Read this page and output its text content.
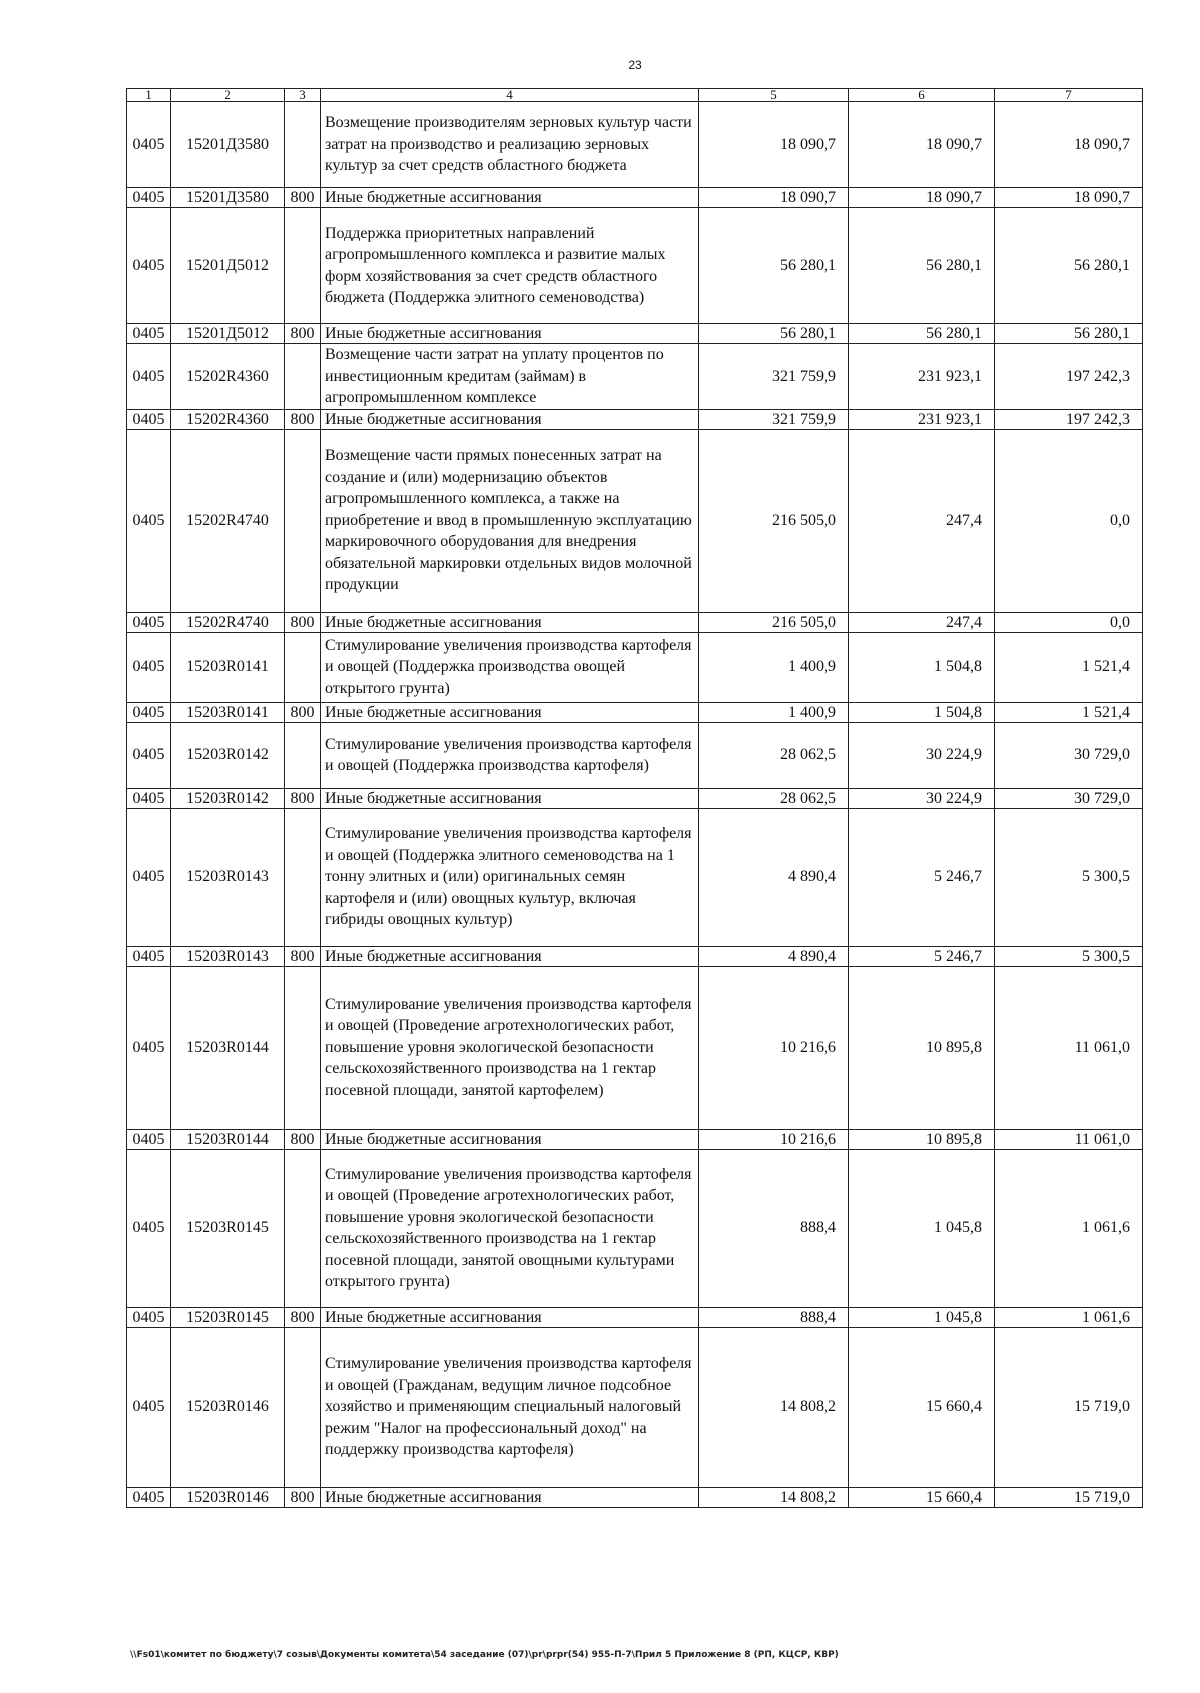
23
1	2	3	4	5	6	7
0405	15201Д3580		Возмещение производителям зерновых культур части затрат на производство и реализацию зерновых культур за счет средств областного бюджета	18 090,7	18 090,7	18 090,7
0405	15201Д3580	800	Иные бюджетные ассигнования	18 090,7	18 090,7	18 090,7
0405	15201Д5012		Поддержка приоритетных направлений агропромышленного комплекса и развитие малых форм хозяйствования за счет средств областного бюджета (Поддержка элитного семеноводства)	56 280,1	56 280,1	56 280,1
0405	15201Д5012	800	Иные бюджетные ассигнования	56 280,1	56 280,1	56 280,1
0405	15202R4360		Возмещение части затрат на уплату процентов по инвестиционным кредитам (займам) в агропромышленном комплексе	321 759,9	231 923,1	197 242,3
0405	15202R4360	800	Иные бюджетные ассигнования	321 759,9	231 923,1	197 242,3
0405	15202R4740		Возмещение части прямых понесенных затрат на создание и (или) модернизацию объектов агропромышленного комплекса, а также на приобретение и ввод в промышленную эксплуатацию маркировочного оборудования для внедрения обязательной маркировки отдельных видов молочной продукции	216 505,0	247,4	0,0
0405	15202R4740	800	Иные бюджетные ассигнования	216 505,0	247,4	0,0
0405	15203R0141		Стимулирование увеличения производства картофеля и овощей (Поддержка производства овощей открытого грунта)	1 400,9	1 504,8	1 521,4
0405	15203R0141	800	Иные бюджетные ассигнования	1 400,9	1 504,8	1 521,4
0405	15203R0142		Стимулирование увеличения производства картофеля и овощей (Поддержка производства картофеля)	28 062,5	30 224,9	30 729,0
0405	15203R0142	800	Иные бюджетные ассигнования	28 062,5	30 224,9	30 729,0
0405	15203R0143		Стимулирование увеличения производства картофеля и овощей (Поддержка элитного семеноводства на 1 тонну элитных и (или) оригинальных семян картофеля и (или) овощных культур, включая гибриды овощных культур)	4 890,4	5 246,7	5 300,5
0405	15203R0143	800	Иные бюджетные ассигнования	4 890,4	5 246,7	5 300,5
0405	15203R0144		Стимулирование увеличения производства картофеля и овощей (Проведение агротехнологических работ, повышение уровня экологической безопасности сельскохозяйственного производства на 1 гектар посевной площади, занятой картофелем)	10 216,6	10 895,8	11 061,0
0405	15203R0144	800	Иные бюджетные ассигнования	10 216,6	10 895,8	11 061,0
0405	15203R0145		Стимулирование увеличения производства картофеля и овощей (Проведение агротехнологических работ, повышение уровня экологической безопасности сельскохозяйственного производства на 1 гектар посевной площади, занятой овощными культурами открытого грунта)	888,4	1 045,8	1 061,6
0405	15203R0145	800	Иные бюджетные ассигнования	888,4	1 045,8	1 061,6
0405	15203R0146		Стимулирование увеличения производства картофеля и овощей (Гражданам, ведущим личное подсобное хозяйство и применяющим специальный налоговый режим "Налог на профессиональный доход" на поддержку производства картофеля)	14 808,2	15 660,4	15 719,0
0405	15203R0146	800	Иные бюджетные ассигнования	14 808,2	15 660,4	15 719,0
\\Fs01\комитет по бюджету\7 созыв\Документы комитета\54 заседание (07)\pr\prpr(54) 955-П-7\Прил 5 Приложение 8 (РП, КЦСР, КВР)
